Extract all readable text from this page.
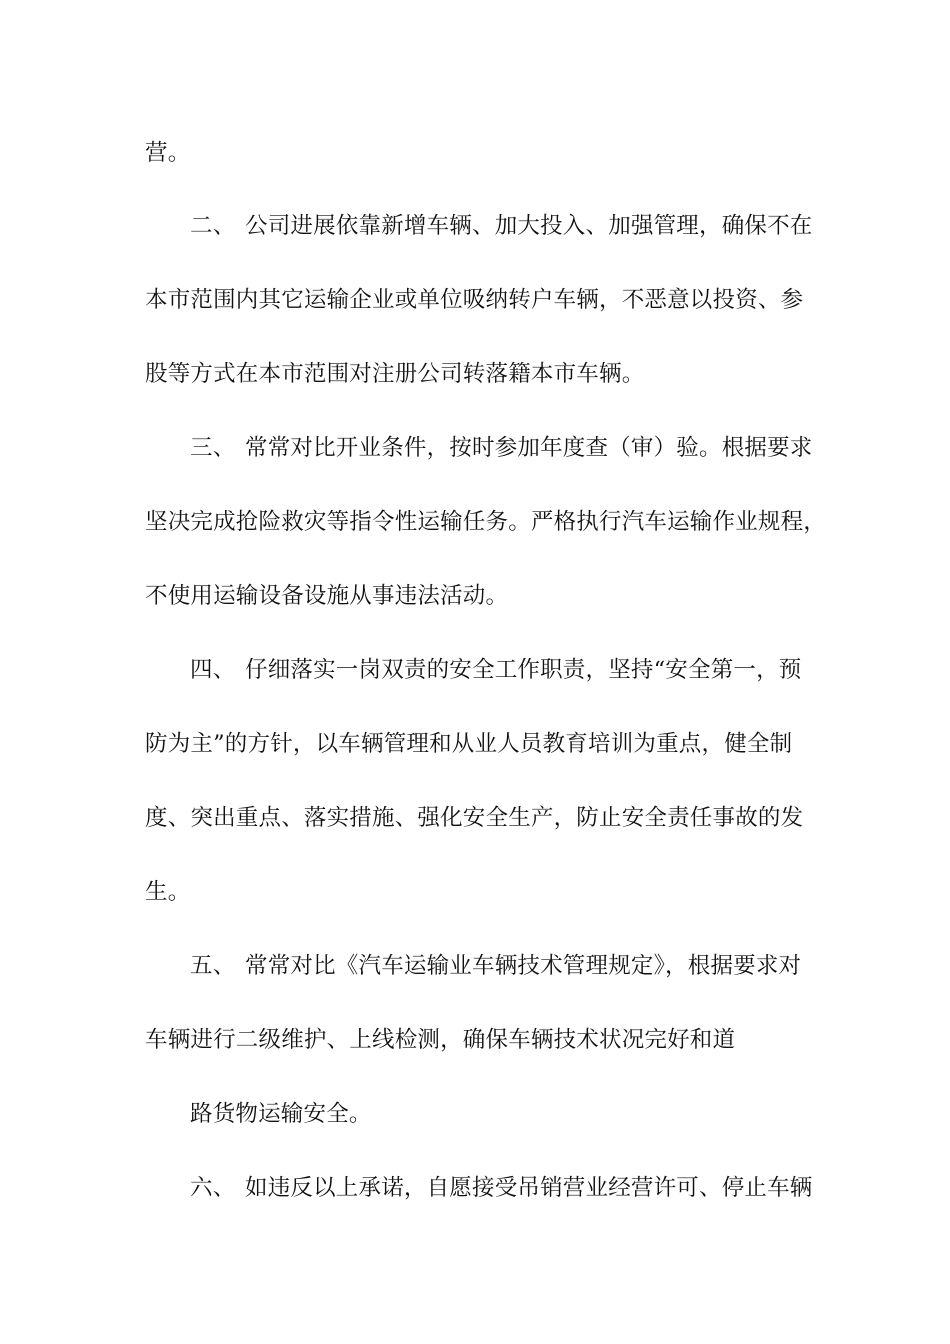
营。
二、 公司进展依靠新增车辆、加大投入、加强管理，确保不在
本市范围内其它运输企业或单位吸纳转户车辆，不恶意以投资、参
股等方式在本市范围对注册公司转落籍本市车辆。
三、 常常对比开业条件，按时参加年度查（审）验。根据要求
坚决完成抢险救灾等指令性运输任务。严格执行汽车运输作业规程，
不使用运输设备设施从事违法活动。
四、 仔细落实一岗双责的安全工作职责，坚持“安全第一，预
防为主”的方针，以车辆管理和从业人员教育培训为重点，健全制
度、突出重点、落实措施、强化安全生产，防止安全责任事故的发
生。
五、 常常对比《汽车运输业车辆技术管理规定》，根据要求对
车辆进行二级维护、上线检测，确保车辆技术状况完好和道
路货物运输安全。
六、 如违反以上承诺，自愿接受吊销营业经营许可、停止车辆
